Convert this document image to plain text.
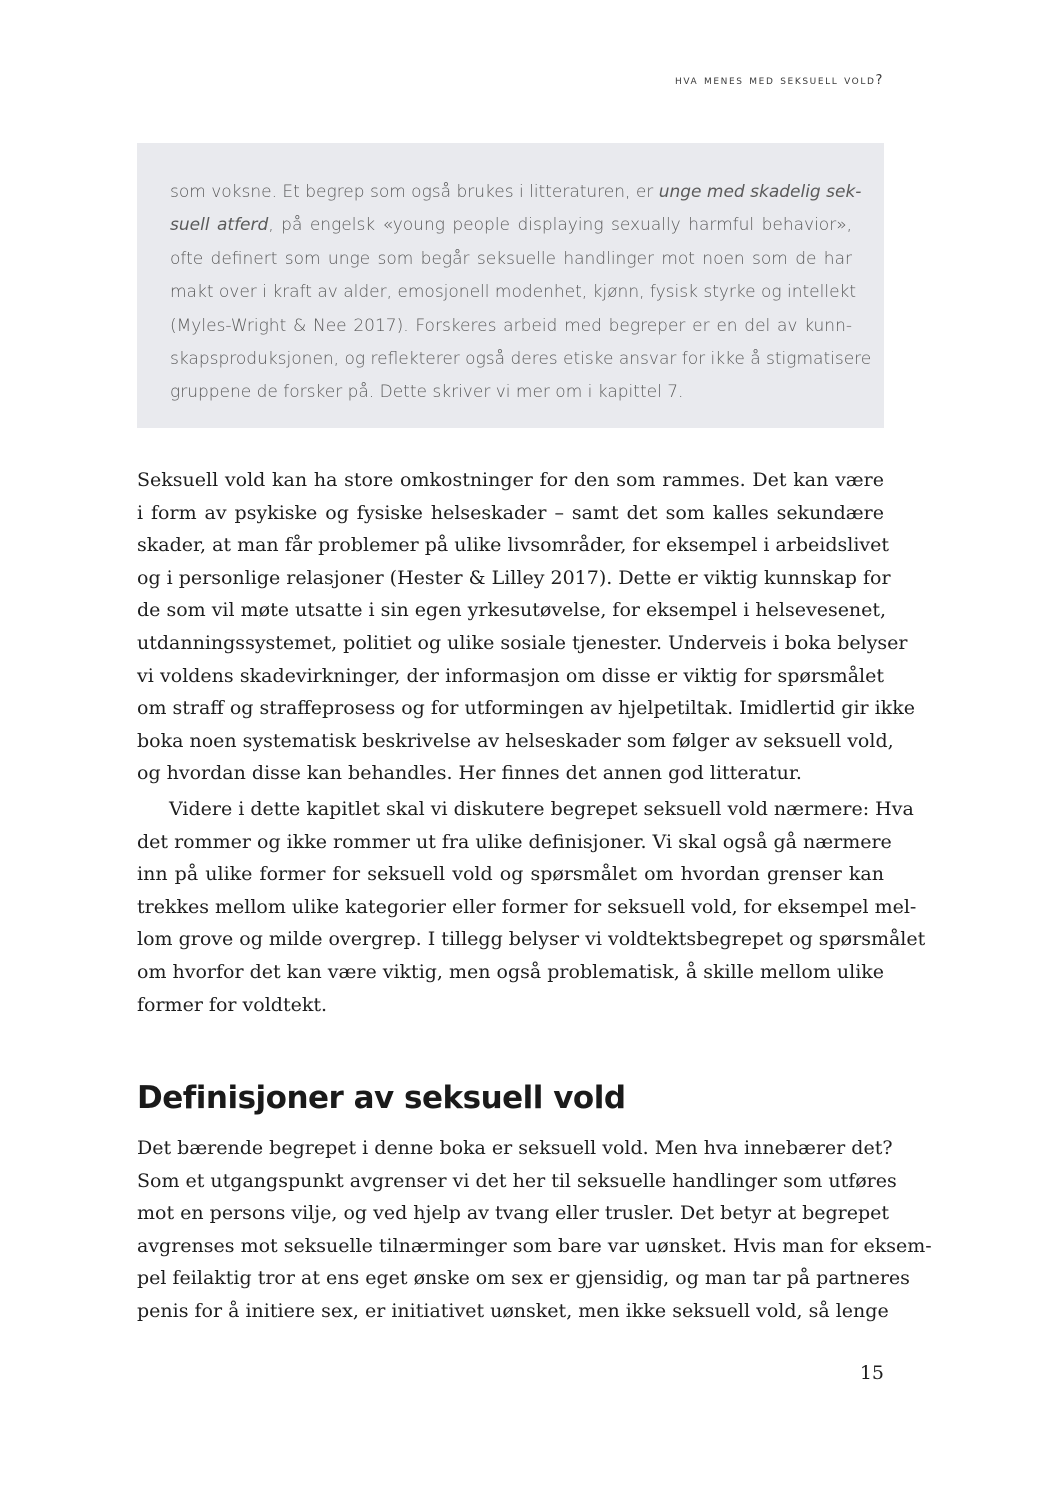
hva menes med seksuell vold?

som voksne. Et begrep som også brukes i litteraturen, er unge med skadelig sek-
suell atferd, på engelsk «young people displaying sexually harmful behavior»,
ofte definert som unge som begår seksuelle handlinger mot noen som de har
makt over i kraft av alder, emosjonell modenhet, kjønn, fysisk styrke og intellekt
(Myles-Wright & Nee 2017). Forskeres arbeid med begreper er en del av kunn-
skapsproduksjonen, og reflekterer også deres etiske ansvar for ikke å stigmatisere
gruppene de forsker på. Dette skriver vi mer om i kapittel 7.

Seksuell vold kan ha store omkostninger for den som rammes. Det kan være
i form av psykiske og fysiske helseskader – samt det som kalles sekundære
skader, at man får problemer på ulike livsområder, for eksempel i arbeidslivet
og i personlige relasjoner (Hester & Lilley 2017). Dette er viktig kunnskap for
de som vil møte utsatte i sin egen yrkesutøvelse, for eksempel i helsevesenet,
utdanningssystemet, politiet og ulike sosiale tjenester. Underveis i boka belyser
vi voldens skadevirkninger, der informasjon om disse er viktig for spørsmålet
om straff og straffeprosess og for utformingen av hjelpetiltak. Imidlertid gir ikke
boka noen systematisk beskrivelse av helseskader som følger av seksuell vold,
og hvordan disse kan behandles. Her finnes det annen god litteratur.

Videre i dette kapitlet skal vi diskutere begrepet seksuell vold nærmere: Hva
det rommer og ikke rommer ut fra ulike definisjoner. Vi skal også gå nærmere
inn på ulike former for seksuell vold og spørsmålet om hvordan grenser kan
trekkes mellom ulike kategorier eller former for seksuell vold, for eksempel mel-
lom grove og milde overgrep. I tillegg belyser vi voldtektsbegrepet og spørsmålet
om hvorfor det kan være viktig, men også problematisk, å skille mellom ulike
former for voldtekt.

Definisjoner av seksuell vold

Det bærende begrepet i denne boka er seksuell vold. Men hva innebærer det?
Som et utgangspunkt avgrenser vi det her til seksuelle handlinger som utføres
mot en persons vilje, og ved hjelp av tvang eller trusler. Det betyr at begrepet
avgrenses mot seksuelle tilnærminger som bare var uønsket. Hvis man for eksem-
pel feilaktig tror at ens eget ønske om sex er gjensidig, og man tar på partneres
penis for å initiere sex, er initiativet uønsket, men ikke seksuell vold, så lenge

15
